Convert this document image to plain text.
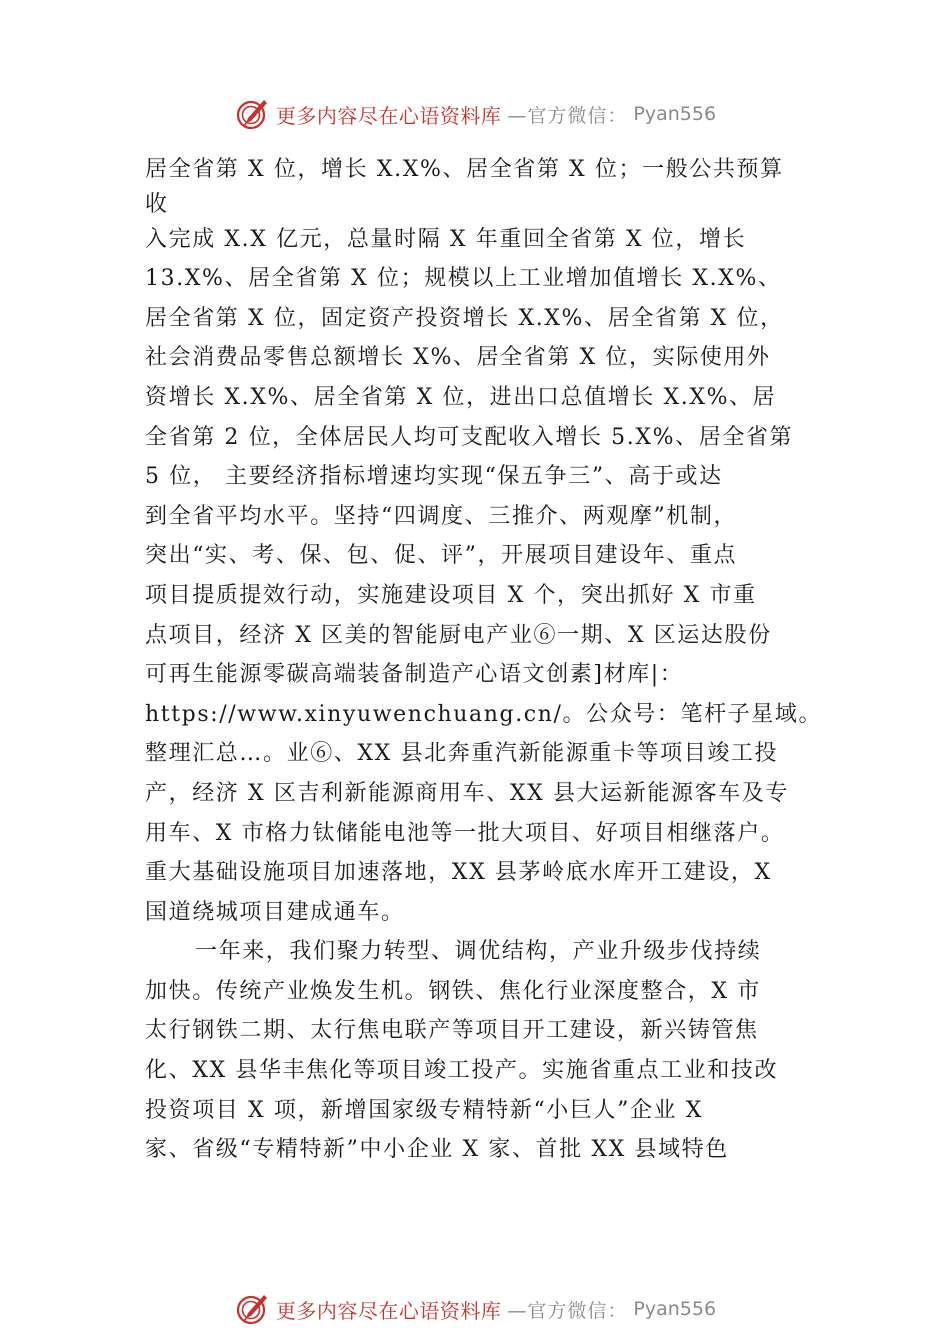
更多内容尽在心语资料库 —官方微信： Pyan556
居全省第 X 位，增长 X.X%、居全省第 X 位；一般公共预算
收
入完成 X.X 亿元，总量时隔 X 年重回全省第 X 位，增长
13.X%、居全省第 X 位；规模以上工业增加值增长 X.X%、
居全省第 X 位，固定资产投资增长 X.X%、居全省第 X 位，
社会消费品零售总额增长 X%、居全省第 X 位，实际使用外
资增长 X.X%、居全省第 X 位，进出口总值增长 X.X%、居
全省第 2 位，全体居民人均可支配收入增长 5.X%、居全省第
5 位， 主要经济指标增速均实现“保五争三”、高于或达
到全省平均水平。坚持“四调度、三推介、两观摩”机制，
突出“实、考、保、包、促、评”，开展项目建设年、重点
项目提质提效行动，实施建设项目 X 个，突出抓好 X 市重
点项目，经济 X 区美的智能厨电产业⑥一期、X 区运达股份
可再生能源零碳高端装备制造产心语文创素]材库|：
https://www.xinyuwenchuang.cn/。公众号：笔杆子星域。
整理汇总…。业⑥、XX 县北奔重汽新能源重卡等项目竣工投
产，经济 X 区吉利新能源商用车、XX 县大运新能源客车及专
用车、X 市格力钛储能电池等一批大项目、好项目相继落户。
重大基础设施项目加速落地，XX 县茅岭底水库开工建设，X
国道绕城项目建成通车。
一年来，我们聚力转型、调优结构，产业升级步伐持续
加快。传统产业焕发生机。钢铁、焦化行业深度整合，X 市
太行钢铁二期、太行焦电联产等项目开工建设，新兴铸管焦
化、XX 县华丰焦化等项目竣工投产。实施省重点工业和技改
投资项目 X 项，新增国家级专精特新“小巨人”企业 X
家、省级“专精特新”中小企业 X 家、首批 XX 县域特色
更多内容尽在心语资料库 —官方微信： Pyan556
